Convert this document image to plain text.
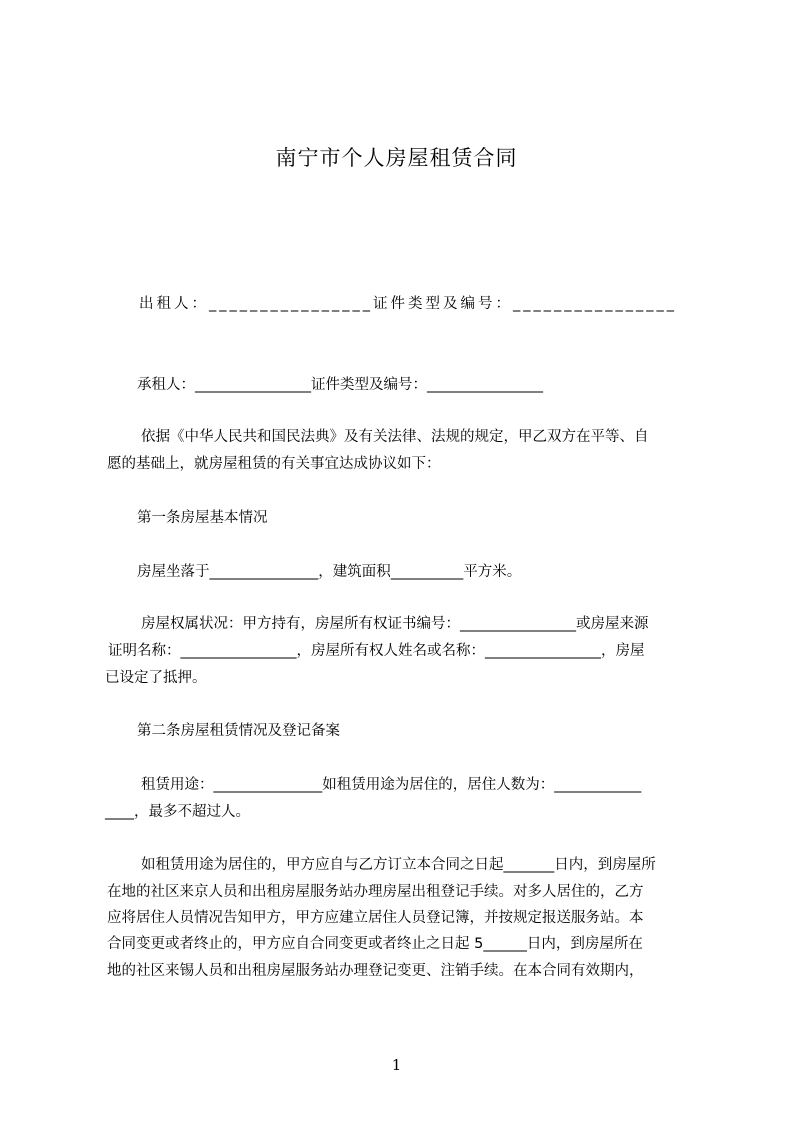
南宁市个人房屋租赁合同

出租人：________________证件类型及编号：________________

承租人：________________证件类型及编号：________________

依据《中华人民共和国民法典》及有关法律、法规的规定，甲乙双方在平等、自

愿的基础上，就房屋租赁的有关事宜达成协议如下：

第一条房屋基本情况

房屋坐落于_______________，建筑面积__________平方米。

房屋权属状况：甲方持有，房屋所有权证书编号：________________或房屋来源

证明名称：________________，房屋所有权人姓名或名称：________________，房屋

已设定了抵押。

第二条房屋租赁情况及登记备案

租赁用途：_______________如租赁用途为居住的，居住人数为：____________

____，最多不超过人。

如租赁用途为居住的，甲方应自与乙方订立本合同之日起_______日内，到房屋所

在地的社区来京人员和出租房屋服务站办理房屋出租登记手续。对多人居住的，乙方

应将居住人员情况告知甲方，甲方应建立居住人员登记簿，并按规定报送服务站。本

合同变更或者终止的，甲方应自合同变更或者终止之日起 5______日内，到房屋所在

地的社区来锡人员和出租房屋服务站办理登记变更、注销手续。在本合同有效期内，

1
